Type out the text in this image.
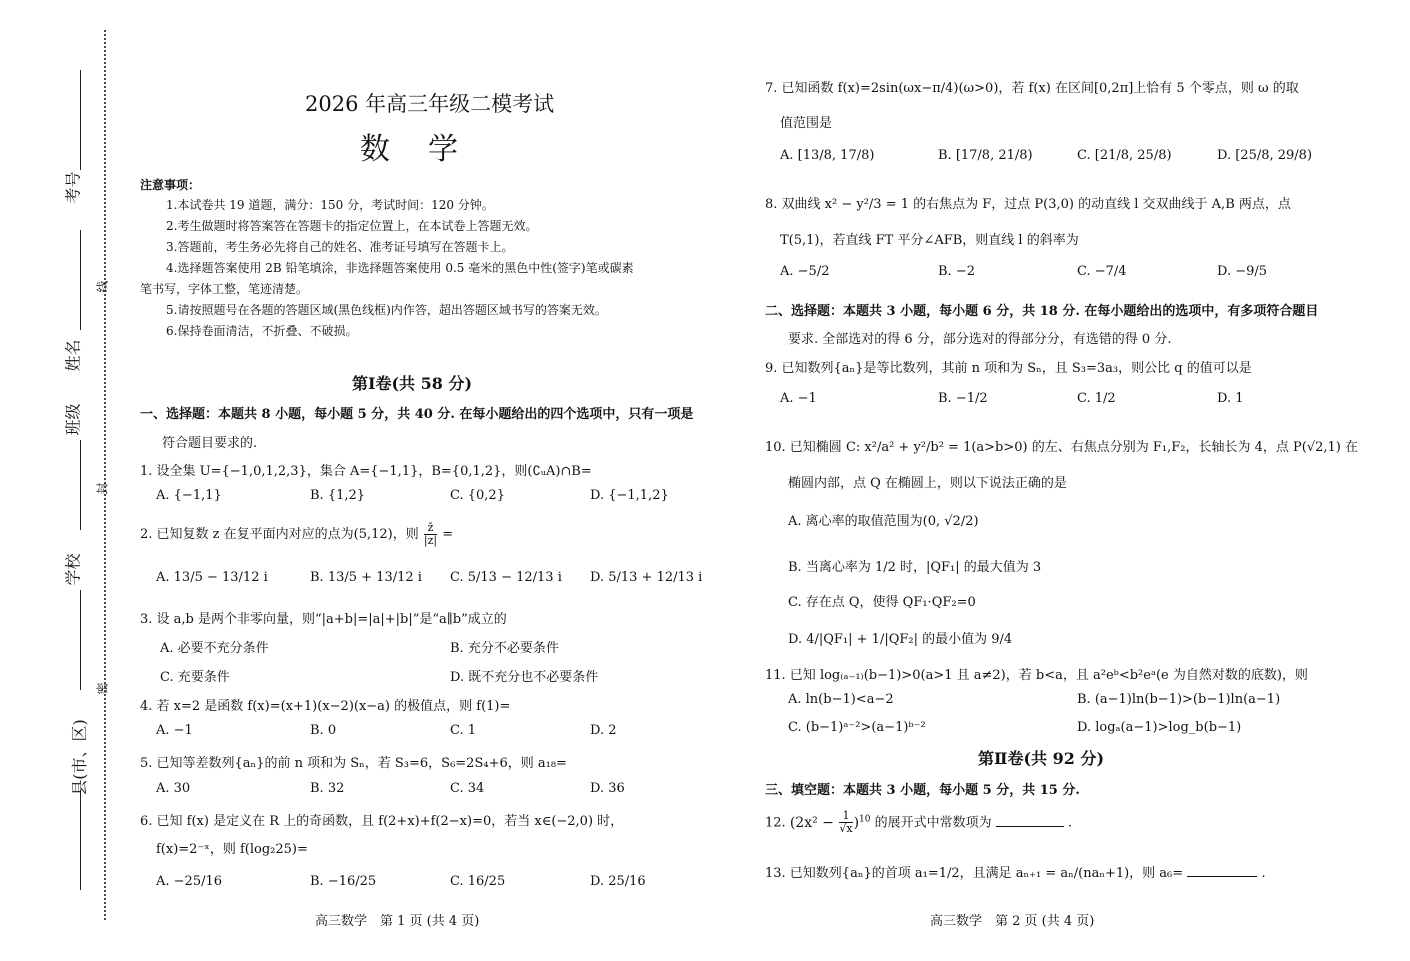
考号
姓名
班级
学校
县(市、区)
线
封
密
2026 年高三年级二模考试
数　学
注意事项：
1.本试卷共 19 道题，满分：150 分，考试时间：120 分钟。
2.考生做题时将答案答在答题卡的指定位置上，在本试卷上答题无效。
3.答题前，考生务必先将自己的姓名、准考证号填写在答题卡上。
4.选择题答案使用 2B 铅笔填涂，非选择题答案使用 0.5 毫米的黑色中性(签字)笔或碳素
笔书写，字体工整，笔迹清楚。
5.请按照题号在各题的答题区域(黑色线框)内作答，超出答题区域书写的答案无效。
6.保持卷面清洁，不折叠、不破损。
第Ⅰ卷(共 58 分)
一、选择题：本题共 8 小题，每小题 5 分，共 40 分. 在每小题给出的四个选项中，只有一项是
符合题目要求的.
1. 设全集 U={−1,0,1,2,3}，集合 A={−1,1}，B={0,1,2}，则(∁ᵤA)∩B=
A. {−1,1}	B. {1,2}	C. {0,2}	D. {−1,1,2}
2. 已知复数 z 在复平面内对应的点为(5,12)，则 $\frac{z̄}{|z|}$ =
A. 13/5 − 13/12 i	B. 13/5 + 13/12 i C. 5/13 − 12/13 i D. 5/13 + 12/13 i
3. 设 a,b 是两个非零向量，则“|a+b|=|a|+|b|”是“a∥b”成立的
A. 必要不充分条件	B. 充分不必要条件
C. 充要条件	D. 既不充分也不必要条件
4. 若 x=2 是函数 f(x)=(x+1)(x−2)(x−a) 的极值点，则 f(1)=
A. −1	B. 0	C. 1	D. 2
5. 已知等差数列{aₙ}的前 n 项和为 Sₙ，若 S₃=6，S₆=2S₄+6，则 a₁₈=
A. 30	B. 32	C. 34	D. 36
6. 已知 f(x) 是定义在 R 上的奇函数，且 f(2+x)+f(2−x)=0，若当 x∈(−2,0) 时，
f(x)=2⁻ˣ，则 f(log₂25)=
A. −25/16	B. −16/25	C. 16/25	D. 25/16
高三数学　第 1 页 (共 4 页)
7. 已知函数 f(x)=2sin(ωx−π/4)(ω>0)，若 f(x) 在区间[0,2π]上恰有 5 个零点，则 ω 的取
值范围是
A. [13/8, 17/8)	B. [17/8, 21/8)	C. [21/8, 25/8)	D. [25/8, 29/8)
8. 双曲线 x² − y²/3 = 1 的右焦点为 F，过点 P(3,0) 的动直线 l 交双曲线于 A,B 两点，点
T(5,1)，若直线 FT 平分∠AFB，则直线 l 的斜率为
A. −5/2	B. −2	C. −7/4	D. −9/5
二、选择题：本题共 3 小题，每小题 6 分，共 18 分. 在每小题给出的选项中，有多项符合题目
要求. 全部选对的得 6 分，部分选对的得部分分，有选错的得 0 分.
9. 已知数列{aₙ}是等比数列，其前 n 项和为 Sₙ，且 S₃=3a₃，则公比 q 的值可以是
A. −1	B. −1/2	C. 1/2	D. 1
10. 已知椭圆 C: x²/a² + y²/b² = 1(a>b>0) 的左、右焦点分别为 F₁,F₂，长轴长为 4，点 P(√2,1) 在
椭圆内部，点 Q 在椭圆上，则以下说法正确的是
A. 离心率的取值范围为(0, √2/2)
B. 当离心率为 1/2 时，|QF₁| 的最大值为 3
C. 存在点 Q，使得 QF₁·QF₂=0
D. 4/|QF₁| + 1/|QF₂| 的最小值为 9/4
11. 已知 log₍ₐ₋₁₎(b−1)>0(a>1 且 a≠2)，若 b<a，且 a²eᵇ<b²eᵃ(e 为自然对数的底数)，则
A. ln(b−1)<a−2	B. (a−1)ln(b−1)>(b−1)ln(a−1)
C. (b−1)ᵃ⁻²>(a−1)ᵇ⁻²	D. logₐ(a−1)>log_b(b−1)
第Ⅱ卷(共 92 分)
三、填空题：本题共 3 小题，每小题 5 分，共 15 分.
12. $(2x^2 - \frac{1}{√x} )^{10}$ 的展开式中常数项为	.
13. 已知数列{aₙ}的首项 a₁=1/2，且满足 aₙ₊₁ = aₙ/(naₙ+1)，则 a₆=	.
高三数学　第 2 页 (共 4 页)
